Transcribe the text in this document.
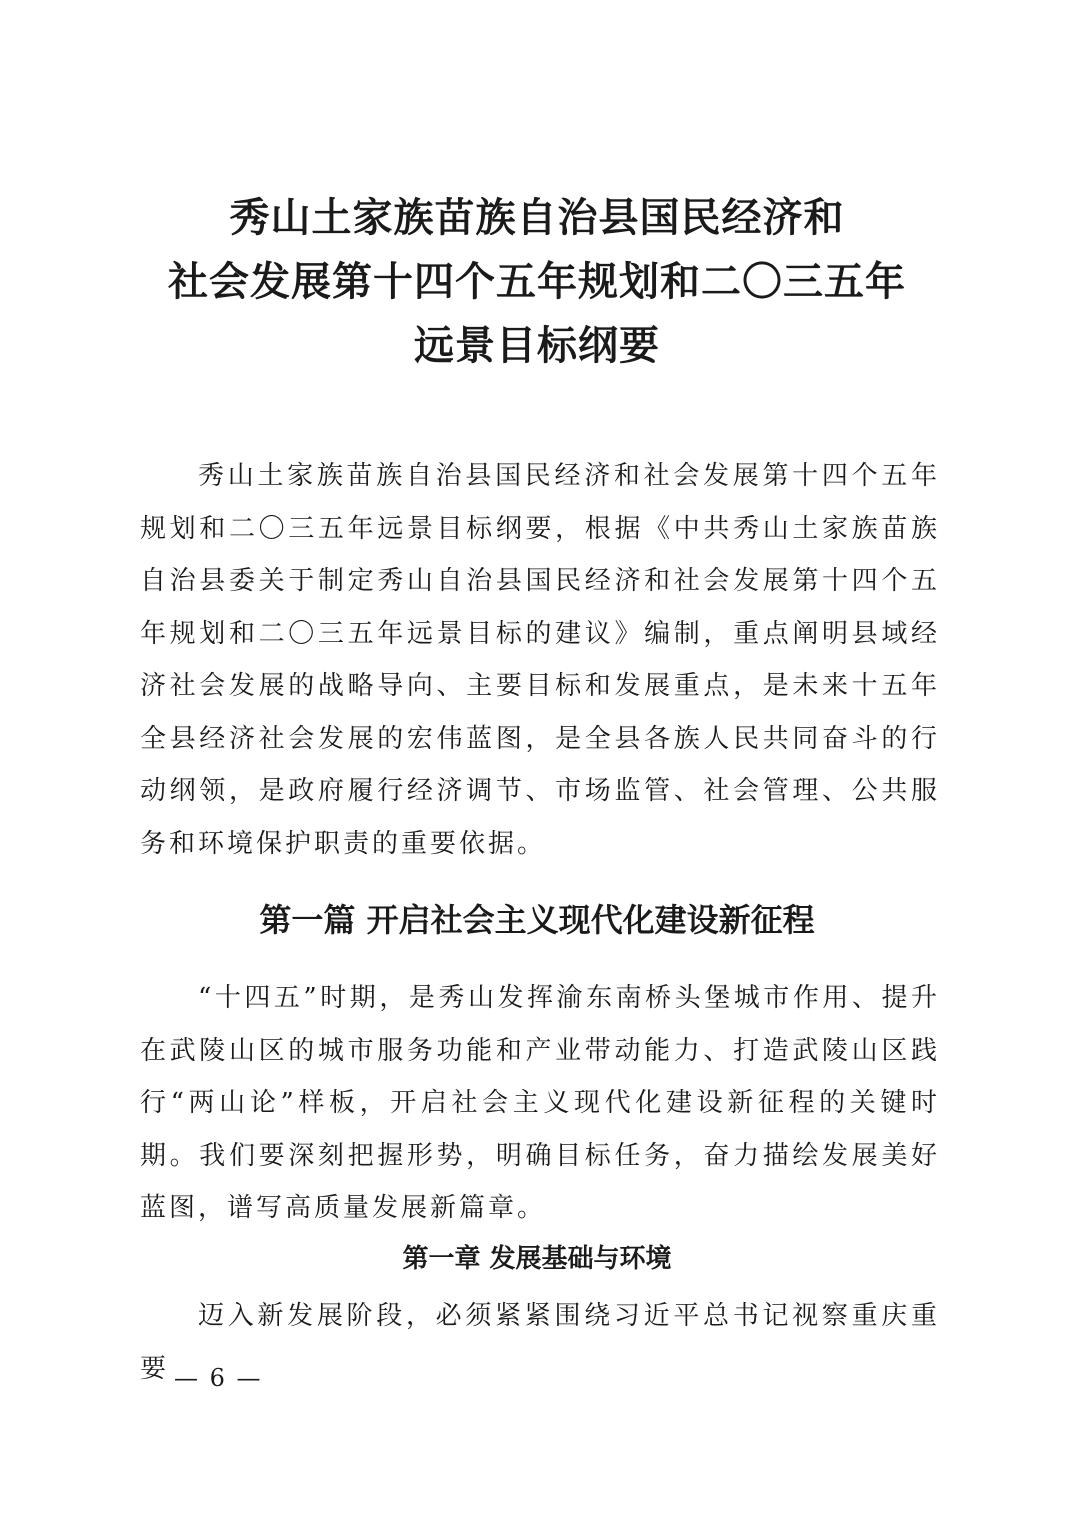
秀山土家族苗族自治县国民经济和
社会发展第十四个五年规划和二〇三五年
远景目标纲要

秀山土家族苗族自治县国民经济和社会发展第十四个五年规划和二〇三五年远景目标纲要，根据《中共秀山土家族苗族自治县委关于制定秀山自治县国民经济和社会发展第十四个五年规划和二〇三五年远景目标的建议》编制，重点阐明县域经济社会发展的战略导向、主要目标和发展重点，是未来十五年全县经济社会发展的宏伟蓝图，是全县各族人民共同奋斗的行动纲领，是政府履行经济调节、市场监管、社会管理、公共服务和环境保护职责的重要依据。

第一篇 开启社会主义现代化建设新征程

“十四五”时期，是秀山发挥渝东南桥头堡城市作用、提升在武陵山区的城市服务功能和产业带动能力、打造武陵山区践行“两山论”样板，开启社会主义现代化建设新征程的关键时期。我们要深刻把握形势，明确目标任务，奋力描绘发展美好蓝图，谱写高质量发展新篇章。

第一章 发展基础与环境

迈入新发展阶段，必须紧紧围绕习近平总书记视察重庆重要 — 6 —
